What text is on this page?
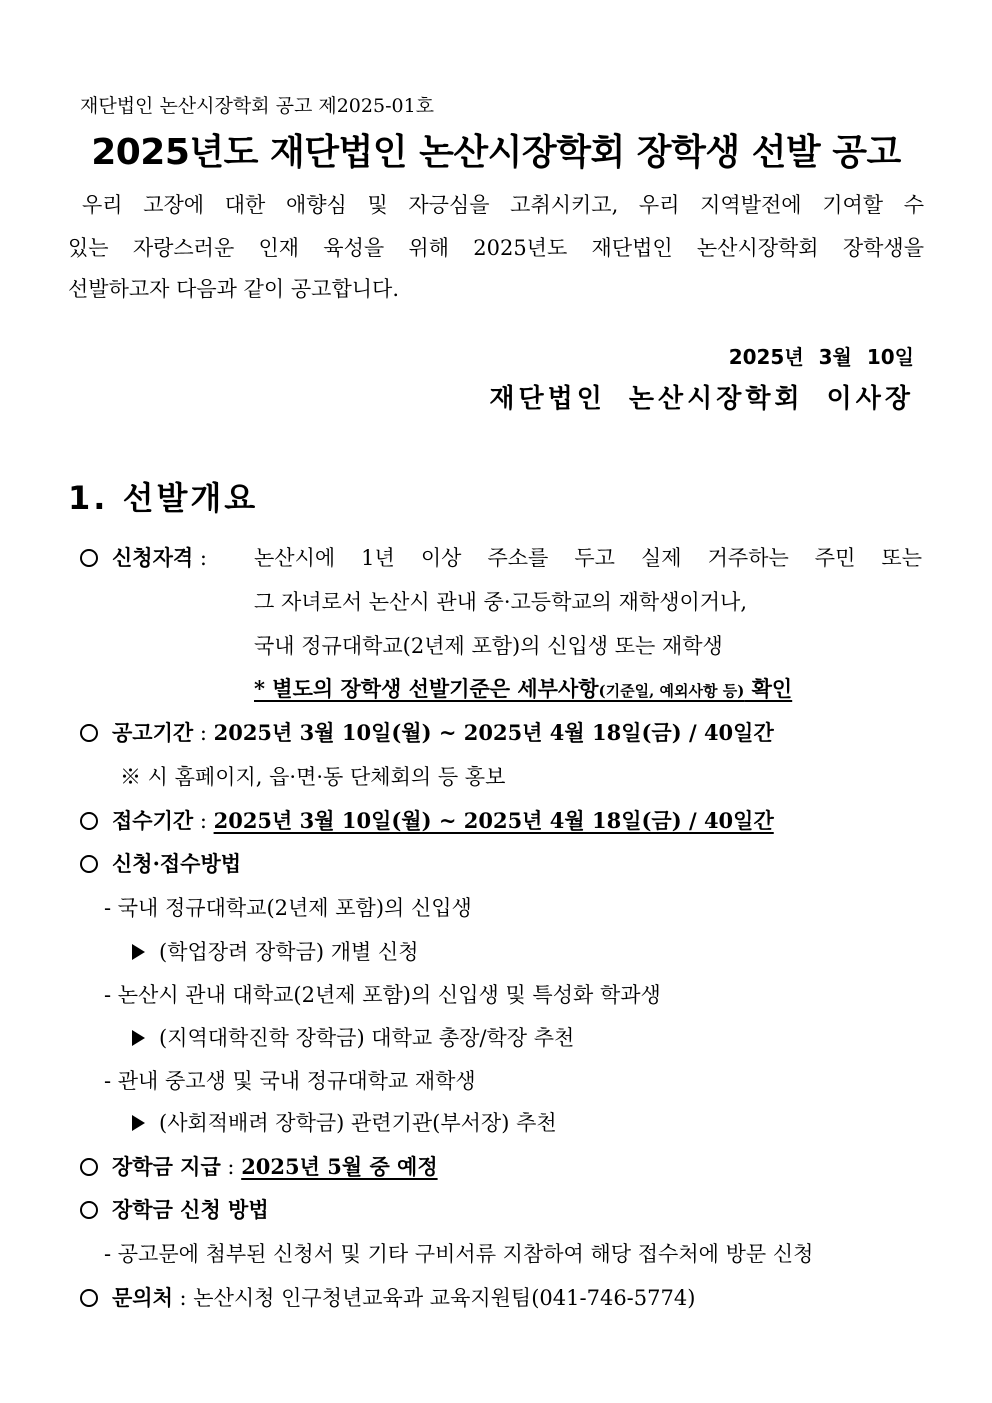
재단법인 논산시장학회 공고 제2025-01호
2025년도 재단법인 논산시장학회 장학생 선발 공고
우리 고장에 대한 애향심 및 자긍심을 고취시키고, 우리 지역발전에 기여할 수
있는 자랑스러운 인재 육성을 위해 2025년도 재단법인 논산시장학회 장학생을
선발하고자 다음과 같이 공고합니다.
2025년 3월 10일
재단법인 논산시장학회 이사장
1. 선발개요
신청자격 : 논산시에 1년 이상 주소를 두고 실제 거주하는 주민 또는
그 자녀로서 논산시 관내 중·고등학교의 재학생이거나,
국내 정규대학교(2년제 포함)의 신입생 또는 재학생
* 별도의 장학생 선발기준은 세부사항(기준일, 예외사항 등) 확인
공고기간 : 2025년 3월 10일(월) ~ 2025년 4월 18일(금) / 40일간
※ 시 홈페이지, 읍·면·동 단체회의 등 홍보
접수기간 : 2025년 3월 10일(월) ~ 2025년 4월 18일(금) / 40일간
신청·접수방법
- 국내 정규대학교(2년제 포함)의 신입생
(학업장려 장학금) 개별 신청
- 논산시 관내 대학교(2년제 포함)의 신입생 및 특성화 학과생
(지역대학진학 장학금) 대학교 총장/학장 추천
- 관내 중고생 및 국내 정규대학교 재학생
(사회적배려 장학금) 관련기관(부서장) 추천
장학금 지급 : 2025년 5월 중 예정
장학금 신청 방법
- 공고문에 첨부된 신청서 및 기타 구비서류 지참하여 해당 접수처에 방문 신청
문의처 : 논산시청 인구청년교육과 교육지원팀(041-746-5774)
